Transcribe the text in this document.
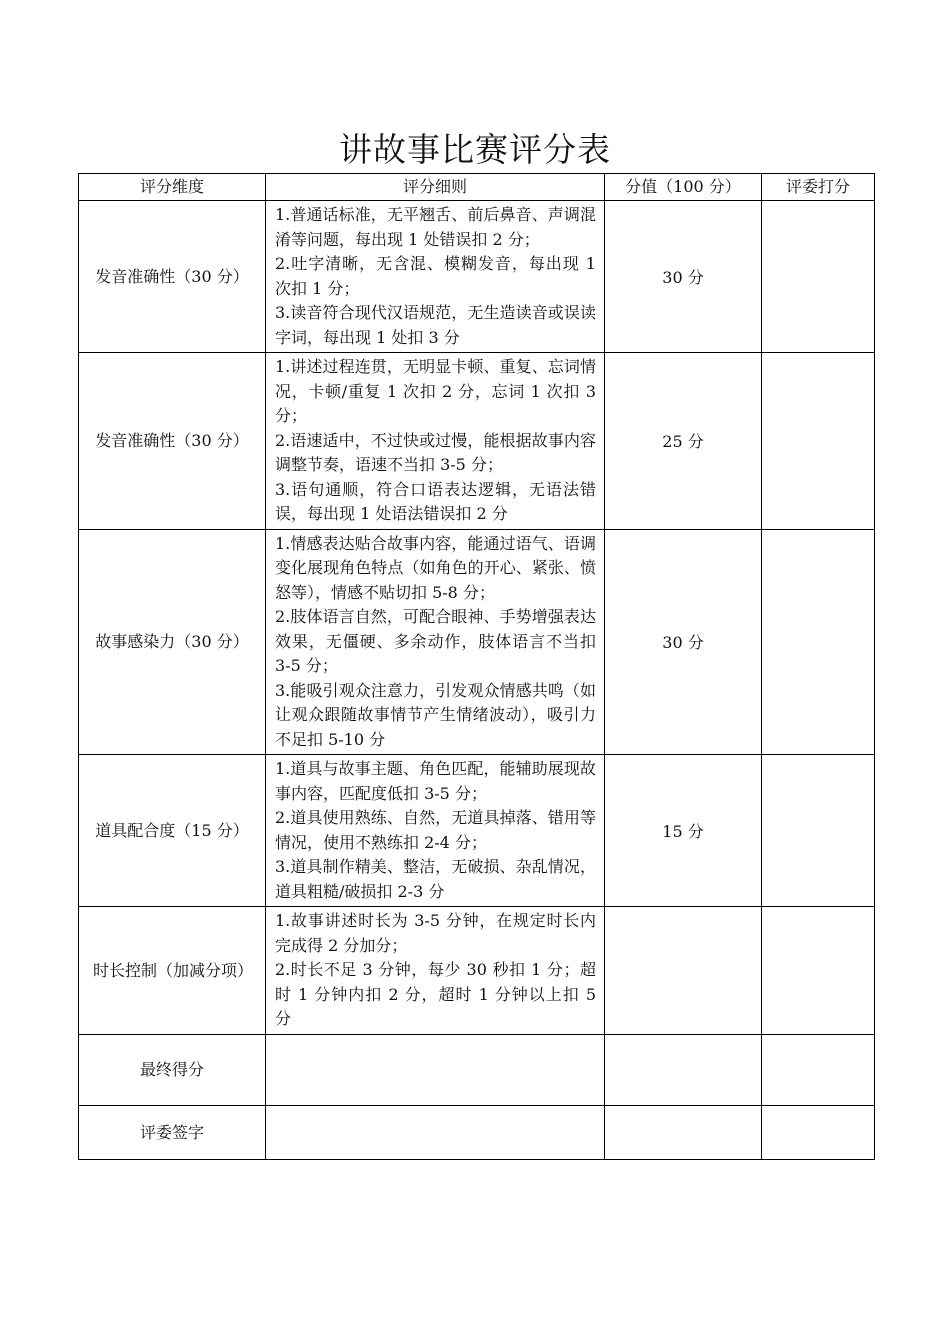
讲故事比赛评分表
评分维度	评分细则	分值（100 分）	评委打分
发音准确性（30 分）	1.普通话标准，无平翘舌、前后鼻音、声调混淆等问题，每出现 1 处错误扣 2 分；
2.吐字清晰，无含混、模糊发音，每出现 1 次扣 1 分；
3.读音符合现代汉语规范，无生造读音或误读字词，每出现 1 处扣 3 分	30 分	
发音准确性（30 分）	1.讲述过程连贯，无明显卡顿、重复、忘词情况，卡顿/重复 1 次扣 2 分，忘词 1 次扣 3 分；
2.语速适中，不过快或过慢，能根据故事内容调整节奏，语速不当扣 3-5 分；
3.语句通顺，符合口语表达逻辑，无语法错误，每出现 1 处语法错误扣 2 分	25 分	
故事感染力（30 分）	1.情感表达贴合故事内容，能通过语气、语调变化展现角色特点（如角色的开心、紧张、愤怒等），情感不贴切扣 5-8 分；
2.肢体语言自然，可配合眼神、手势增强表达效果，无僵硬、多余动作，肢体语言不当扣 3-5 分；
3.能吸引观众注意力，引发观众情感共鸣（如让观众跟随故事情节产生情绪波动），吸引力不足扣 5-10 分	30 分	
道具配合度（15 分）	1.道具与故事主题、角色匹配，能辅助展现故事内容，匹配度低扣 3-5 分；
2.道具使用熟练、自然，无道具掉落、错用等情况，使用不熟练扣 2-4 分；
3.道具制作精美、整洁，无破损、杂乱情况，道具粗糙/破损扣 2-3 分	15 分	
时长控制（加减分项）	1.故事讲述时长为 3-5 分钟，在规定时长内完成得 2 分加分；
2.时长不足 3 分钟，每少 30 秒扣 1 分；超时 1 分钟内扣 2 分，超时 1 分钟以上扣 5 分		

最终得分			
评委签字			
